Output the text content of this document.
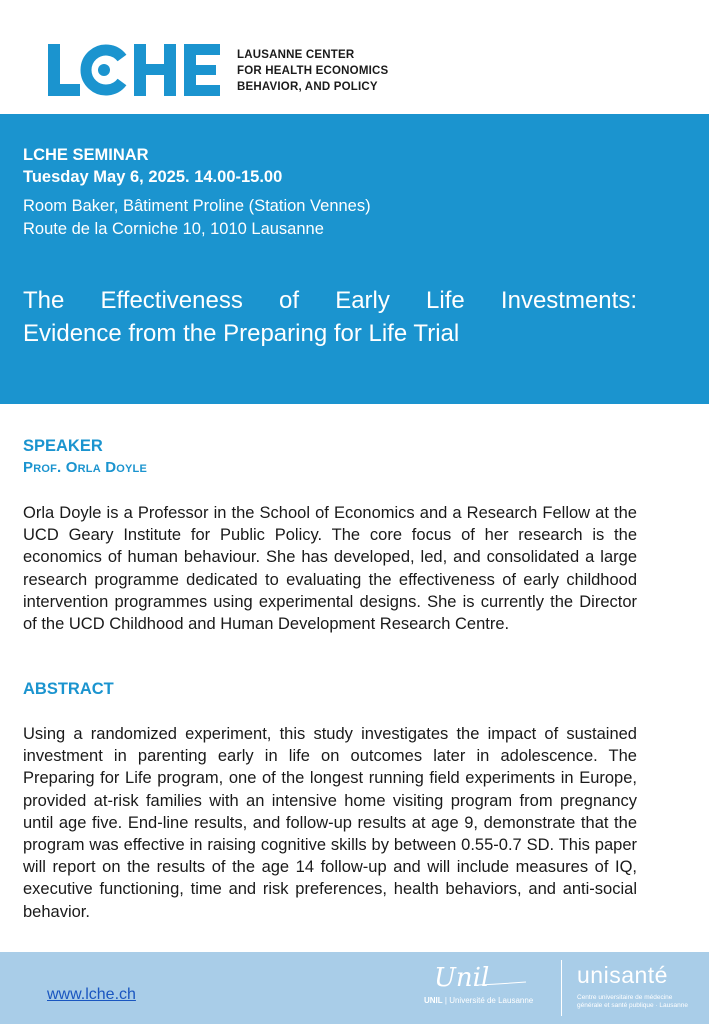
LAUSANNE CENTER
FOR HEALTH ECONOMICS
BEHAVIOR, AND POLICY
LCHE SEMINAR
Tuesday May 6, 2025. 14.00-15.00
Room Baker, Bâtiment Proline (Station Vennes)
Route de la Corniche 10, 1010 Lausanne
The Effectiveness of Early Life Investments:
Evidence from the Preparing for Life Trial
SPEAKER
Prof. Orla Doyle
Orla Doyle is a Professor in the School of Economics and a Research Fellow at the UCD Geary Institute for Public Policy. The core focus of her research is the economics of human behaviour. She has developed, led, and consolidated a large research programme dedicated to evaluating the effectiveness of early childhood intervention programmes using experimental designs. She is currently the Director of the UCD Childhood and Human Development Research Centre.
ABSTRACT
Using a randomized experiment, this study investigates the impact of sustained investment in parenting early in life on outcomes later in adolescence. The Preparing for Life program, one of the longest running field experiments in Europe, provided at-risk families with an intensive home visiting program from pregnancy until age five. End-line results, and follow-up results at age 9, demonstrate that the program was effective in raising cognitive skills by between 0.55-0.7 SD. This paper will report on the results of the age 14 follow-up and will include measures of IQ, executive functioning, time and risk preferences, health behaviors, and anti-social behavior.
www.lche.ch
Unil
UNIL | Université de Lausanne
unisanté
Centre universitaire de médecine générale et santé publique · Lausanne
